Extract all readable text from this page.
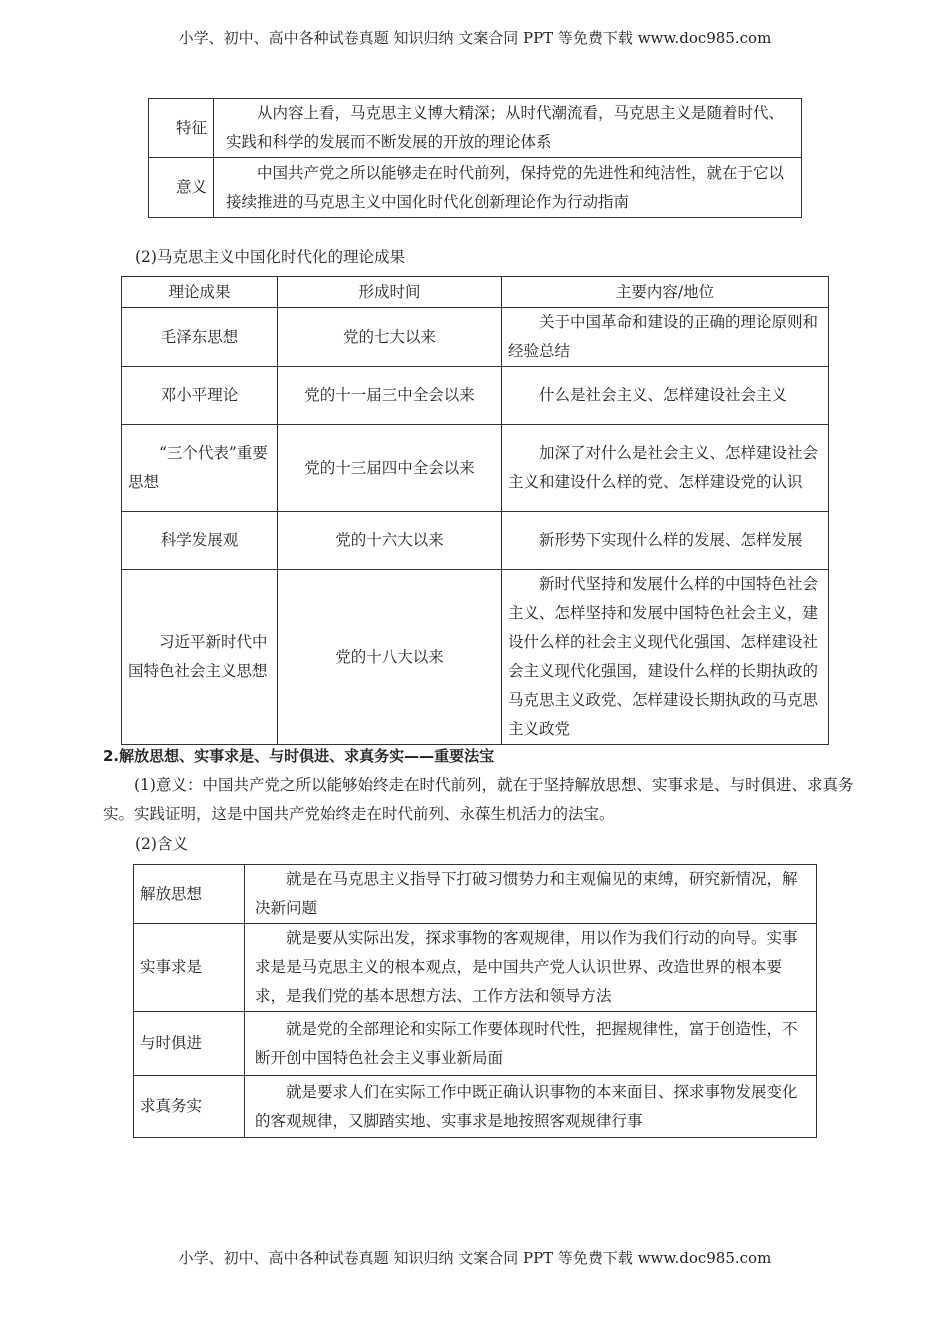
小学、初中、高中各种试卷真题 知识归纳 文案合同 PPT 等免费下载 www.doc985.com
特征	从内容上看，马克思主义博大精深；从时代潮流看，马克思主义是随着时代、实践和科学的发展而不断发展的开放的理论体系
意义	中国共产党之所以能够走在时代前列，保持党的先进性和纯洁性，就在于它以接续推进的马克思主义中国化时代化创新理论作为行动指南
(2)马克思主义中国化时代化的理论成果
理论成果	形成时间	主要内容/地位
毛泽东思想	党的七大以来	关于中国革命和建设的正确的理论原则和经验总结
邓小平理论	党的十一届三中全会以来	什么是社会主义、怎样建设社会主义
“三个代表”重要思想	党的十三届四中全会以来	加深了对什么是社会主义、怎样建设社会主义和建设什么样的党、怎样建设党的认识
科学发展观	党的十六大以来	新形势下实现什么样的发展、怎样发展
习近平新时代中国特色社会主义思想	党的十八大以来	新时代坚持和发展什么样的中国特色社会主义、怎样坚持和发展中国特色社会主义，建设什么样的社会主义现代化强国、怎样建设社会主义现代化强国，建设什么样的长期执政的马克思主义政党、怎样建设长期执政的马克思主义政党
2.解放思想、实事求是、与时俱进、求真务实——重要法宝
(1)意义：中国共产党之所以能够始终走在时代前列，就在于坚持解放思想、实事求是、与时俱进、求真务实。实践证明，这是中国共产党始终走在时代前列、永葆生机活力的法宝。
(2)含义
解放思想	就是在马克思主义指导下打破习惯势力和主观偏见的束缚，研究新情况，解决新问题
实事求是	就是要从实际出发，探求事物的客观规律，用以作为我们行动的向导。实事求是是马克思主义的根本观点，是中国共产党人认识世界、改造世界的根本要求，是我们党的基本思想方法、工作方法和领导方法
与时俱进	就是党的全部理论和实际工作要体现时代性，把握规律性，富于创造性，不断开创中国特色社会主义事业新局面
求真务实	就是要求人们在实际工作中既正确认识事物的本来面目、探求事物发展变化的客观规律，又脚踏实地、实事求是地按照客观规律行事
小学、初中、高中各种试卷真题 知识归纳 文案合同 PPT 等免费下载 www.doc985.com
